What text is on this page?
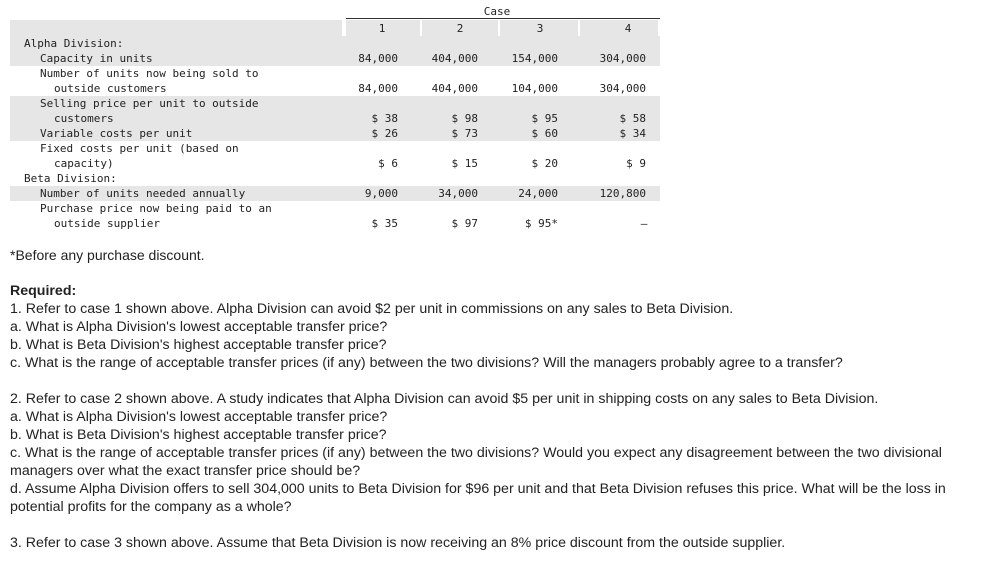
Case
1	2	3	4
Alpha Division:
Capacity in units	84,000	404,000	154,000	304,000
Number of units now being sold to
outside customers	84,000	404,000	104,000	304,000
Selling price per unit to outside
customers	$ 38	$ 98	$ 95	$ 58
Variable costs per unit	$ 26	$ 73	$ 60	$ 34
Fixed costs per unit (based on
capacity)	$ 6	$ 15	$ 20	$ 9
Beta Division:
Number of units needed annually	9,000	34,000	24,000	120,800
Purchase price now being paid to an
outside supplier	$ 35	$ 97	$ 95*	–
*Before any purchase discount.
Required:
1. Refer to case 1 shown above. Alpha Division can avoid $2 per unit in commissions on any sales to Beta Division.
a. What is Alpha Division's lowest acceptable transfer price?
b. What is Beta Division's highest acceptable transfer price?
c. What is the range of acceptable transfer prices (if any) between the two divisions? Will the managers probably agree to a transfer?
2. Refer to case 2 shown above. A study indicates that Alpha Division can avoid $5 per unit in shipping costs on any sales to Beta Division.
a. What is Alpha Division's lowest acceptable transfer price?
b. What is Beta Division's highest acceptable transfer price?
c. What is the range of acceptable transfer prices (if any) between the two divisions? Would you expect any disagreement between the two divisional managers over what the exact transfer price should be?
d. Assume Alpha Division offers to sell 304,000 units to Beta Division for $96 per unit and that Beta Division refuses this price. What will be the loss in potential profits for the company as a whole?
3. Refer to case 3 shown above. Assume that Beta Division is now receiving an 8% price discount from the outside supplier.
